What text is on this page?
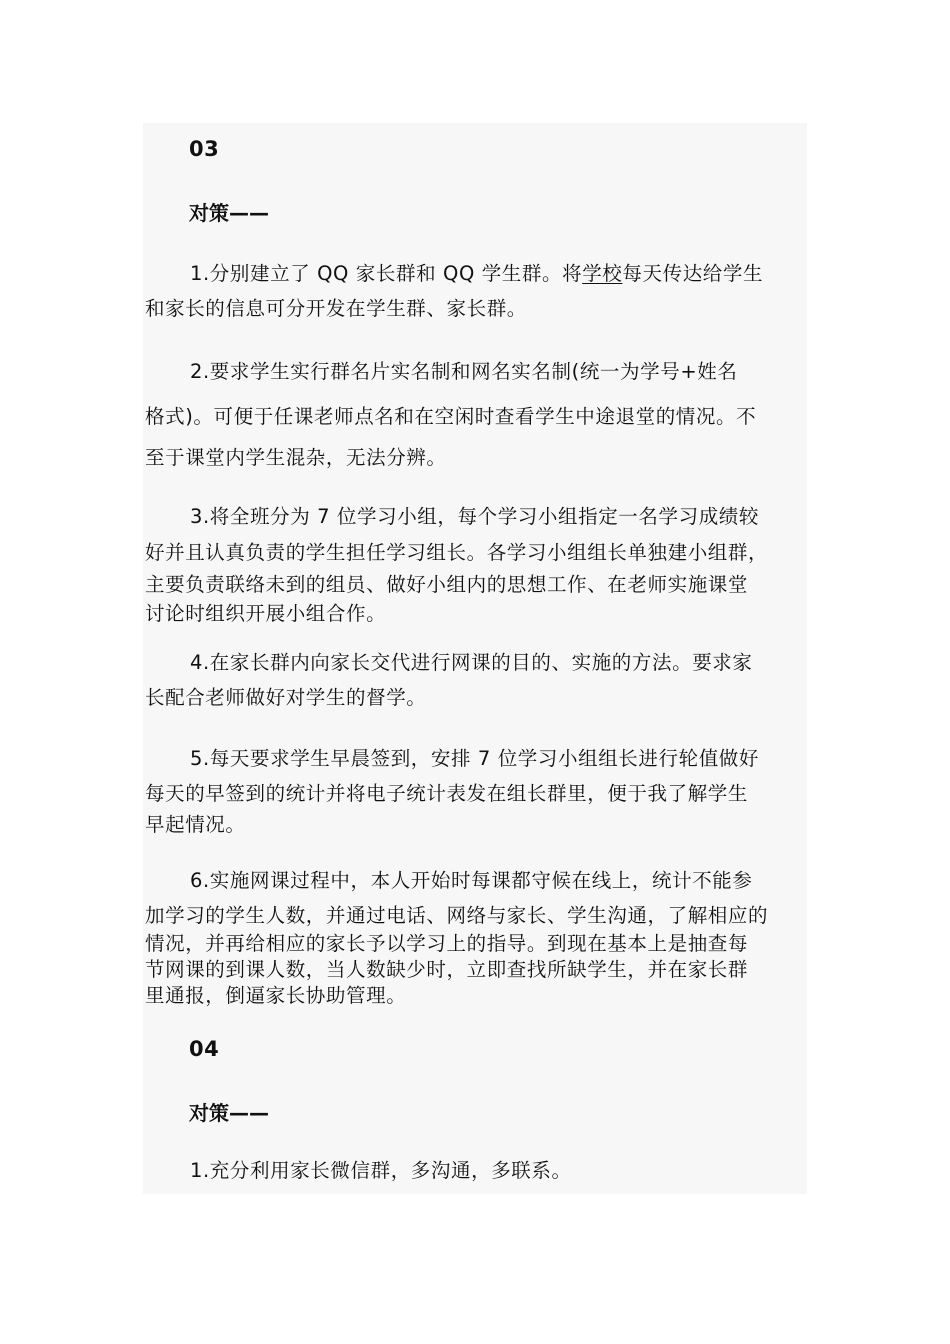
03
对策——
1.分别建立了 QQ 家长群和 QQ 学生群。将学校每天传达给学生
和家长的信息可分开发在学生群、家长群。
2.要求学生实行群名片实名制和网名实名制(统一为学号+姓名
格式)。可便于任课老师点名和在空闲时查看学生中途退堂的情况。不
至于课堂内学生混杂，无法分辨。
3.将全班分为 7 位学习小组，每个学习小组指定一名学习成绩较
好并且认真负责的学生担任学习组长。各学习小组组长单独建小组群，
主要负责联络未到的组员、做好小组内的思想工作、在老师实施课堂
讨论时组织开展小组合作。
4.在家长群内向家长交代进行网课的目的、实施的方法。要求家
长配合老师做好对学生的督学。
5.每天要求学生早晨签到，安排 7 位学习小组组长进行轮值做好
每天的早签到的统计并将电子统计表发在组长群里，便于我了解学生
早起情况。
6.实施网课过程中，本人开始时每课都守候在线上，统计不能参
加学习的学生人数，并通过电话、网络与家长、学生沟通，了解相应的
情况，并再给相应的家长予以学习上的指导。到现在基本上是抽查每
节网课的到课人数，当人数缺少时，立即查找所缺学生，并在家长群
里通报，倒逼家长协助管理。
04
对策——
1.充分利用家长微信群，多沟通，多联系。
